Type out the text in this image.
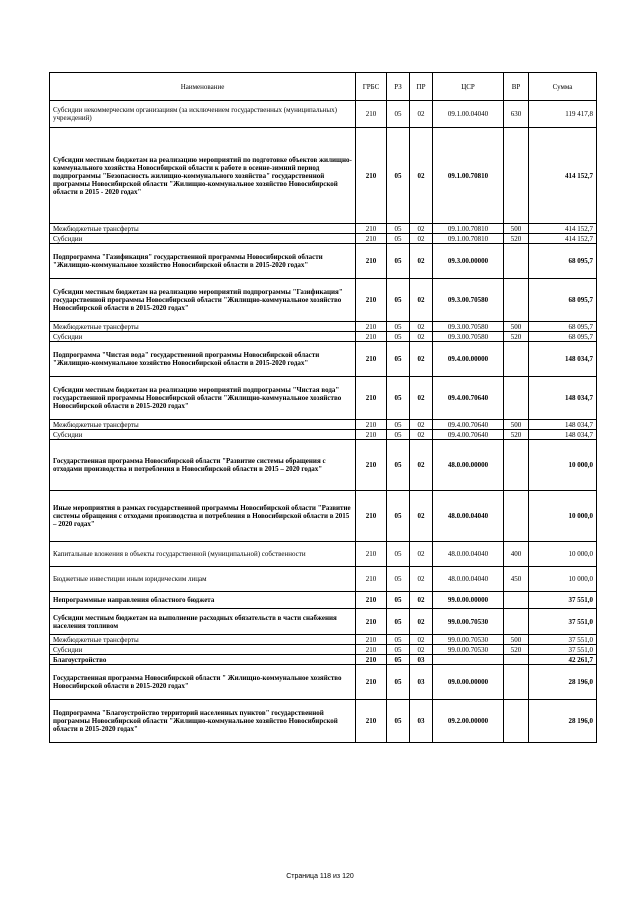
Наименование	ГРБС	РЗ	ПР	ЦСР	ВР	Сумма
Субсидии некоммерческим организациям (за исключением государственных (муниципальных) учреждений)	210	05	02	09.1.00.04040	630	119 417,8
Субсидии местным бюджетам на реализацию мероприятий по подготовке объектов жилищно-коммунального хозяйства Новосибирской области к работе в осенне-зимний период подпрограммы "Безопасность жилищно-коммунального хозяйства" государственной программы Новосибирской области "Жилищно-коммунальное хозяйство Новосибирской области в 2015 - 2020 годах"	210	05	02	09.1.00.70810		414 152,7
Межбюджетные трансферты	210	05	02	09.1.00.70810	500	414 152,7
Субсидии	210	05	02	09.1.00.70810	520	414 152,7
Подпрограмма "Газификация" государственной программы Новосибирской области "Жилищно-коммунальное хозяйство Новосибирской области в 2015-2020 годах"	210	05	02	09.3.00.00000		68 095,7
Субсидии местным бюджетам на реализацию мероприятий подпрограммы "Газификация" государственной программы Новосибирской области "Жилищно-коммунальное хозяйство Новосибирской области в 2015-2020 годах"	210	05	02	09.3.00.70580		68 095,7
Межбюджетные трансферты	210	05	02	09.3.00.70580	500	68 095,7
Субсидии	210	05	02	09.3.00.70580	520	68 095,7
Подпрограмма "Чистая вода" государственной программы Новосибирской области "Жилищно-коммунальное хозяйство Новосибирской области в 2015-2020 годах"	210	05	02	09.4.00.00000		148 034,7
Субсидии местным бюджетам на реализацию мероприятий подпрограммы "Чистая вода" государственной программы Новосибирской области "Жилищно-коммунальное хозяйство Новосибирской области в 2015-2020 годах"	210	05	02	09.4.00.70640		148 034,7
Межбюджетные трансферты	210	05	02	09.4.00.70640	500	148 034,7
Субсидии	210	05	02	09.4.00.70640	520	148 034,7
Государственная программа Новосибирской области "Развитие системы обращения с отходами производства и потребления в Новосибирской области в 2015 – 2020 годах"	210	05	02	48.0.00.00000		10 000,0
Иные мероприятия в рамках государственной программы Новосибирской области "Развитие системы обращения с отходами производства и потребления в Новосибирской области в 2015 – 2020 годах"	210	05	02	48.0.00.04040		10 000,0
Капитальные вложения в объекты государственной (муниципальной) собственности	210	05	02	48.0.00.04040	400	10 000,0
Бюджетные инвестиции иным юридическим лицам	210	05	02	48.0.00.04040	450	10 000,0
Непрограммные направления областного бюджета	210	05	02	99.0.00.00000		37 551,0
Субсидии местным бюджетам на выполнение расходных обязательств в части снабжения населения топливом	210	05	02	99.0.00.70530		37 551,0
Межбюджетные трансферты	210	05	02	99.0.00.70530	500	37 551,0
Субсидии	210	05	02	99.0.00.70530	520	37 551,0
Благоустройство	210	05	03			42 261,7
Государственная программа Новосибирской области " Жилищно-коммунальное хозяйство Новосибирской области в 2015-2020 годах"	210	05	03	09.0.00.00000		28 196,0
Подпрограмма "Благоустройство территорий населенных пунктов" государственной программы Новосибирской области "Жилищно-коммунальное хозяйство Новосибирской области в 2015-2020 годах"	210	05	03	09.2.00.00000		28 196,0
Страница 118 из 120
